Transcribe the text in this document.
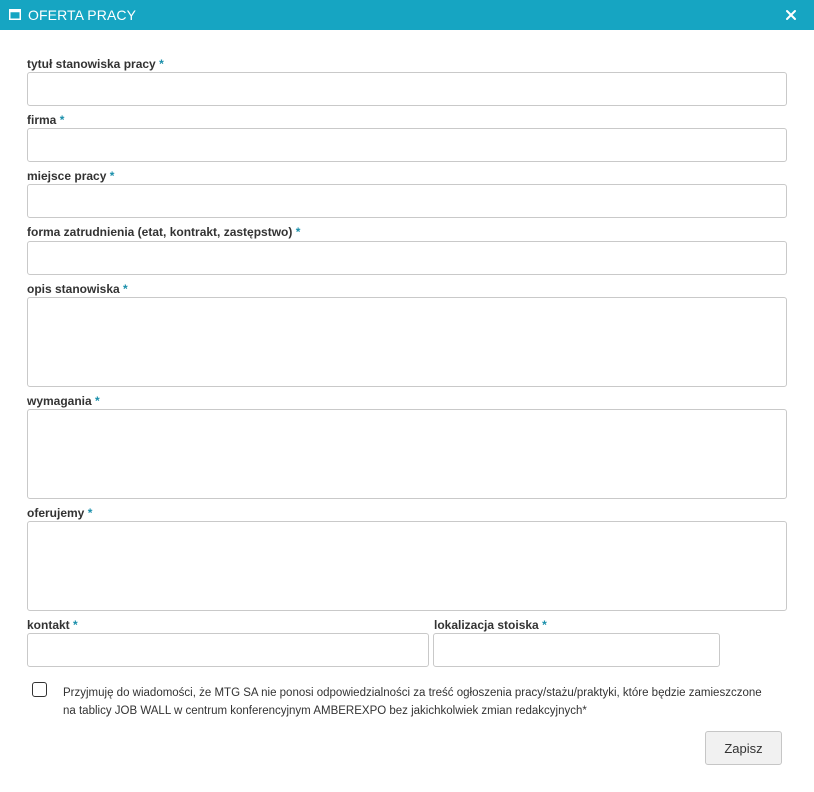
OFERTA PRACY
tytuł stanowiska pracy *
firma *
miejsce pracy *
forma zatrudnienia (etat, kontrakt, zastępstwo) *
opis stanowiska *
wymagania *
oferujemy *
kontakt *	lokalizacja stoiska *
Przyjmuję do wiadomości, że MTG SA nie ponosi odpowiedzialności za treść ogłoszenia pracy/stażu/praktyki, które będzie zamieszczone na tablicy JOB WALL w centrum konferencyjnym AMBEREXPO bez jakichkolwiek zmian redakcyjnych*
Zapisz
